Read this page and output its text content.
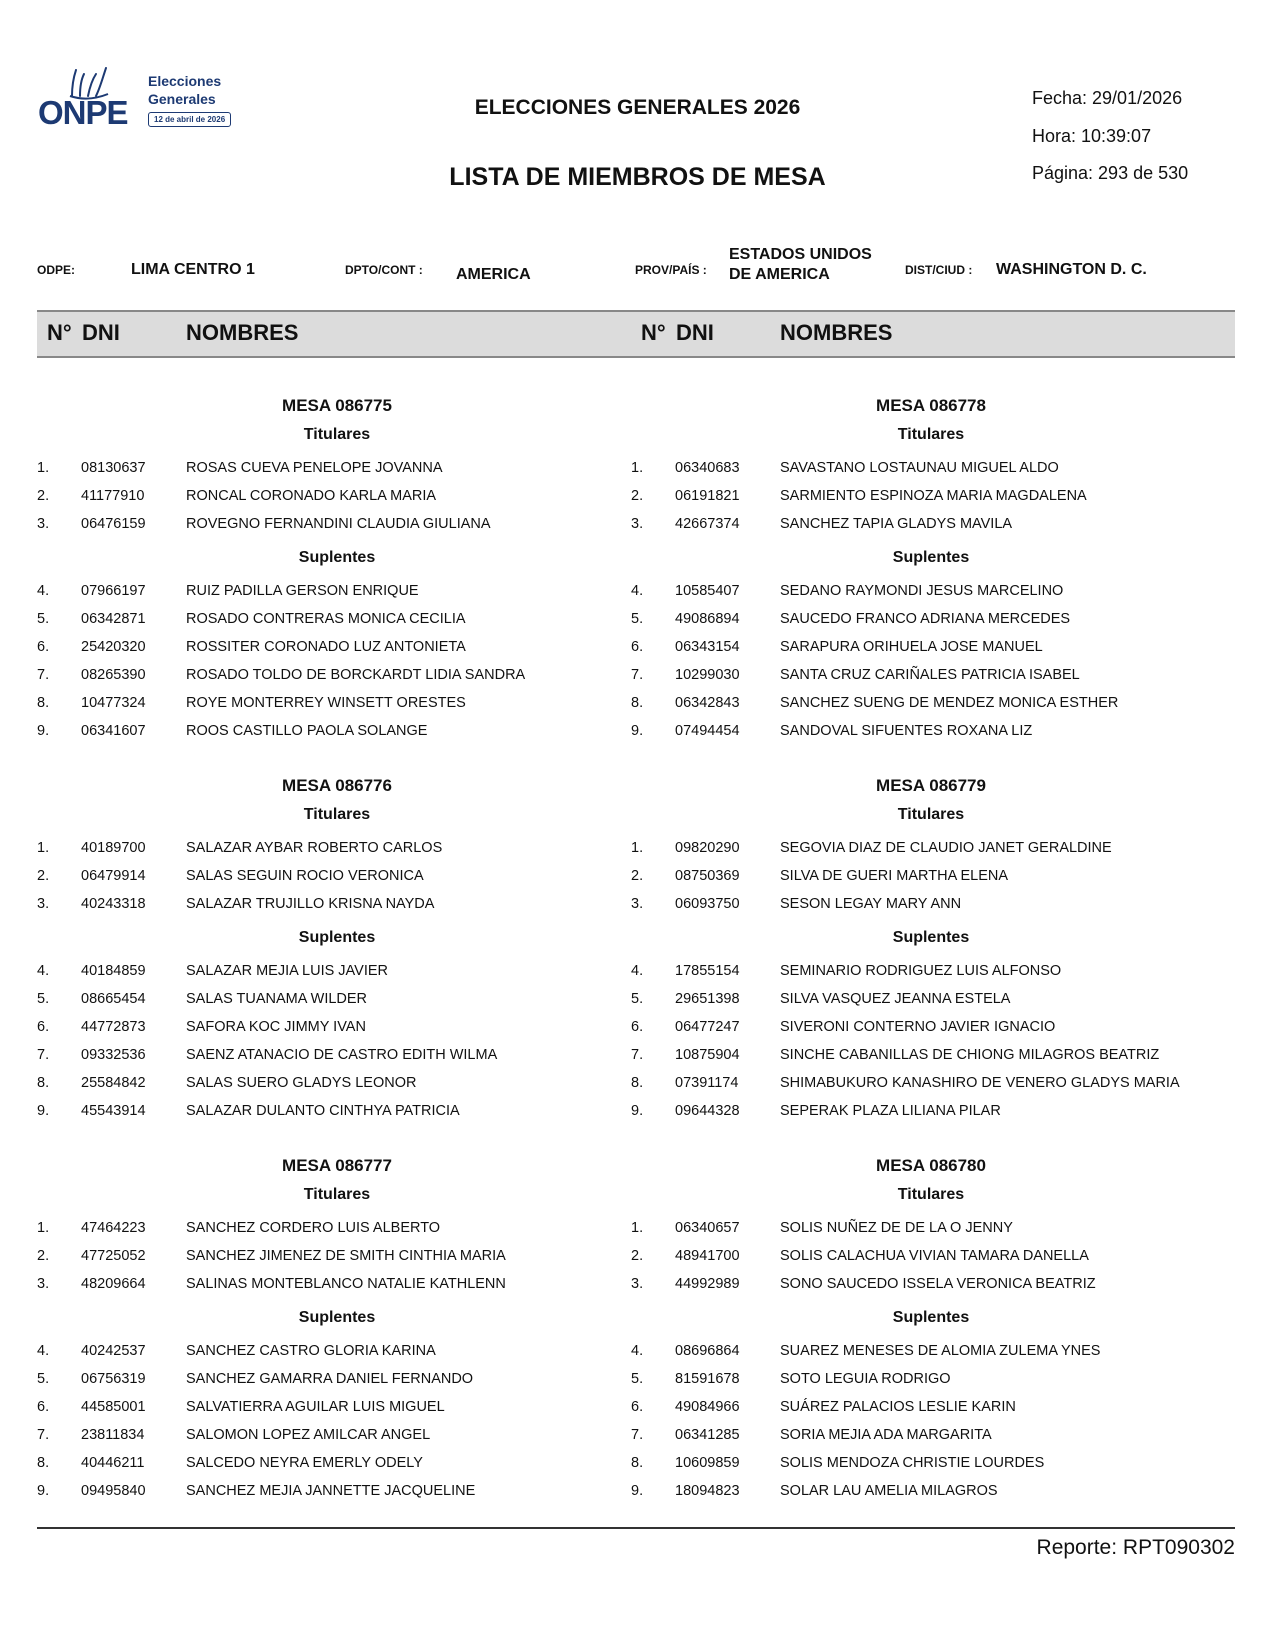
ONPE
Elecciones
Generales
12 de abril de 2026
ELECCIONES GENERALES 2026
LISTA DE MIEMBROS DE MESA
Fecha: 29/01/2026
Hora: 10:39:07
Página: 293 de 530
ODPE:	LIMA CENTRO 1	DPTO/CONT : AMERICA	PROV/PAÍS :
ESTADOS UNIDOS
DE AMERICA	DIST/CIUD : WASHINGTON D. C.
N° DNI	NOMBRES	N° DNI	NOMBRES
MESA 086775
Titulares
Suplentes
1. 08130637	ROSAS CUEVA PENELOPE JOVANNA
2. 41177910	RONCAL CORONADO KARLA MARIA
3. 06476159	ROVEGNO FERNANDINI CLAUDIA GIULIANA
4. 07966197	RUIZ PADILLA GERSON ENRIQUE
5. 06342871	ROSADO CONTRERAS MONICA CECILIA
6. 25420320	ROSSITER CORONADO LUZ ANTONIETA
7. 08265390	ROSADO TOLDO DE BORCKARDT LIDIA SANDRA
8. 10477324	ROYE MONTERREY WINSETT ORESTES
9. 06341607	ROOS CASTILLO PAOLA SOLANGE
MESA 086778
Titulares
Suplentes
1. 06340683	SAVASTANO LOSTAUNAU MIGUEL ALDO
2. 06191821	SARMIENTO ESPINOZA MARIA MAGDALENA
3. 42667374	SANCHEZ TAPIA GLADYS MAVILA
4. 10585407	SEDANO RAYMONDI JESUS MARCELINO
5. 49086894	SAUCEDO FRANCO ADRIANA MERCEDES
6. 06343154	SARAPURA ORIHUELA JOSE MANUEL
7. 10299030	SANTA CRUZ CARIÑALES PATRICIA ISABEL
8. 06342843	SANCHEZ SUENG DE MENDEZ MONICA ESTHER
9. 07494454	SANDOVAL SIFUENTES ROXANA LIZ
MESA 086776
Titulares
Suplentes
1. 40189700	SALAZAR AYBAR ROBERTO CARLOS
2. 06479914	SALAS SEGUIN ROCIO VERONICA
3. 40243318	SALAZAR TRUJILLO KRISNA NAYDA
4. 40184859	SALAZAR MEJIA LUIS JAVIER
5. 08665454	SALAS TUANAMA WILDER
6. 44772873	SAFORA KOC JIMMY IVAN
7. 09332536	SAENZ ATANACIO DE CASTRO EDITH WILMA
8. 25584842	SALAS SUERO GLADYS LEONOR
9. 45543914	SALAZAR DULANTO CINTHYA PATRICIA
MESA 086779
Titulares
Suplentes
1. 09820290	SEGOVIA DIAZ DE CLAUDIO JANET GERALDINE
2. 08750369	SILVA DE GUERI MARTHA ELENA
3. 06093750	SESON LEGAY MARY ANN
4. 17855154	SEMINARIO RODRIGUEZ LUIS ALFONSO
5. 29651398	SILVA VASQUEZ JEANNA ESTELA
6. 06477247	SIVERONI CONTERNO JAVIER IGNACIO
7. 10875904	SINCHE CABANILLAS DE CHIONG MILAGROS BEATRIZ
8. 07391174	SHIMABUKURO KANASHIRO DE VENERO GLADYS MARIA
9. 09644328	SEPERAK PLAZA LILIANA PILAR
MESA 086777
Titulares
Suplentes
1. 47464223	SANCHEZ CORDERO LUIS ALBERTO
2. 47725052	SANCHEZ JIMENEZ DE SMITH CINTHIA MARIA
3. 48209664	SALINAS MONTEBLANCO NATALIE KATHLENN
4. 40242537	SANCHEZ CASTRO GLORIA KARINA
5. 06756319	SANCHEZ GAMARRA DANIEL FERNANDO
6. 44585001	SALVATIERRA AGUILAR LUIS MIGUEL
7. 23811834	SALOMON LOPEZ AMILCAR ANGEL
8. 40446211	SALCEDO NEYRA EMERLY ODELY
9. 09495840	SANCHEZ MEJIA JANNETTE JACQUELINE
MESA 086780
Titulares
Suplentes
1. 06340657	SOLIS NUÑEZ DE DE LA O JENNY
2. 48941700	SOLIS CALACHUA VIVIAN TAMARA DANELLA
3. 44992989	SONO SAUCEDO ISSELA VERONICA BEATRIZ
4. 08696864	SUAREZ MENESES DE ALOMIA ZULEMA YNES
5. 81591678	SOTO LEGUIA RODRIGO
6. 49084966	SUÁREZ PALACIOS LESLIE KARIN
7. 06341285	SORIA MEJIA ADA MARGARITA
8. 10609859	SOLIS MENDOZA CHRISTIE LOURDES
9. 18094823	SOLAR LAU AMELIA MILAGROS
Reporte: RPT090302
